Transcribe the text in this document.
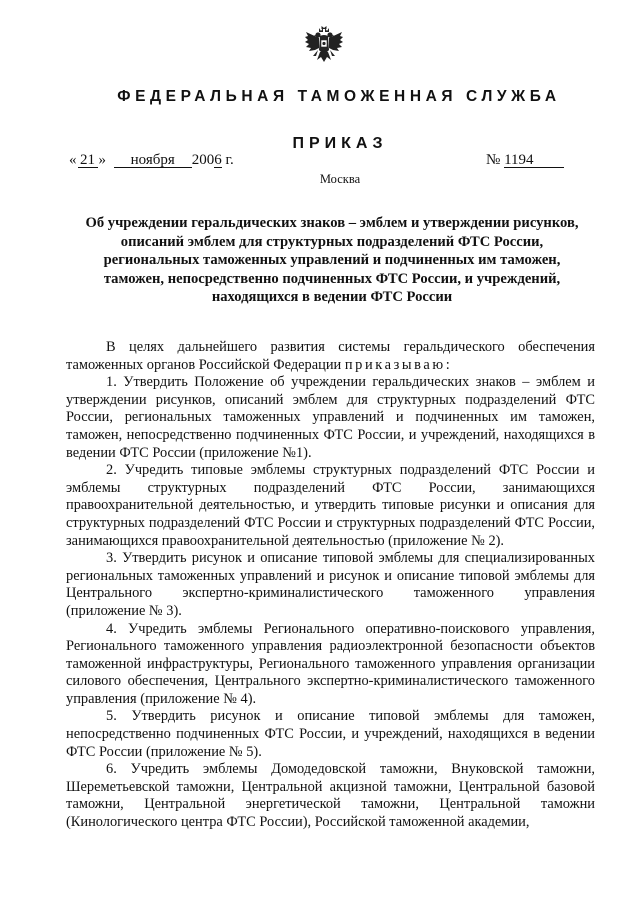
ФЕДЕРАЛЬНАЯ ТАМОЖЕННАЯ СЛУЖБА
ПРИКАЗ
« 21 » ноября 2006 г.	№ 1194
Москва
Об учреждении геральдических знаков – эмблем и утверждении рисунков, описаний эмблем для структурных подразделений ФТС России, региональных таможенных управлений и подчиненных им таможен, таможен, непосредственно подчиненных ФТС России, и учреждений, находящихся в ведении ФТС России

В целях дальнейшего развития системы геральдического обеспечения таможенных органов Российской Федерации приказываю:

1. Утвердить Положение об учреждении геральдических знаков – эмблем и утверждении рисунков, описаний эмблем для структурных подразделений ФТС России, региональных таможенных управлений и подчиненных им таможен, таможен, непосредственно подчиненных ФТС России, и учреждений, находящихся в ведении ФТС России (приложение №1).

2. Учредить типовые эмблемы структурных подразделений ФТС России и эмблемы структурных подразделений ФТС России, занимающихся правоохранительной деятельностью, и утвердить типовые рисунки и описания для структурных подразделений ФТС России и структурных подразделений ФТС России, занимающихся правоохранительной деятельностью (приложение № 2).

3. Утвердить рисунок и описание типовой эмблемы для специализированных региональных таможенных управлений и рисунок и описание типовой эмблемы для Центрального экспертно-криминалистического таможенного управления (приложение № 3).

4. Учредить эмблемы Регионального оперативно-поискового управления, Регионального таможенного управления радиоэлектронной безопасности объектов таможенной инфраструктуры, Регионального таможенного управления организации силового обеспечения, Центрального экспертно-криминалистического таможенного управления (приложение № 4).

5. Утвердить рисунок и описание типовой эмблемы для таможен, непосредственно подчиненных ФТС России, и учреждений, находящихся в ведении ФТС России (приложение № 5).

6. Учредить эмблемы Домодедовской таможни, Внуковской таможни, Шереметьевской таможни, Центральной акцизной таможни, Центральной базовой таможни, Центральной энергетической таможни, Центральной таможни (Кинологического центра ФТС России), Российской таможенной академии,
